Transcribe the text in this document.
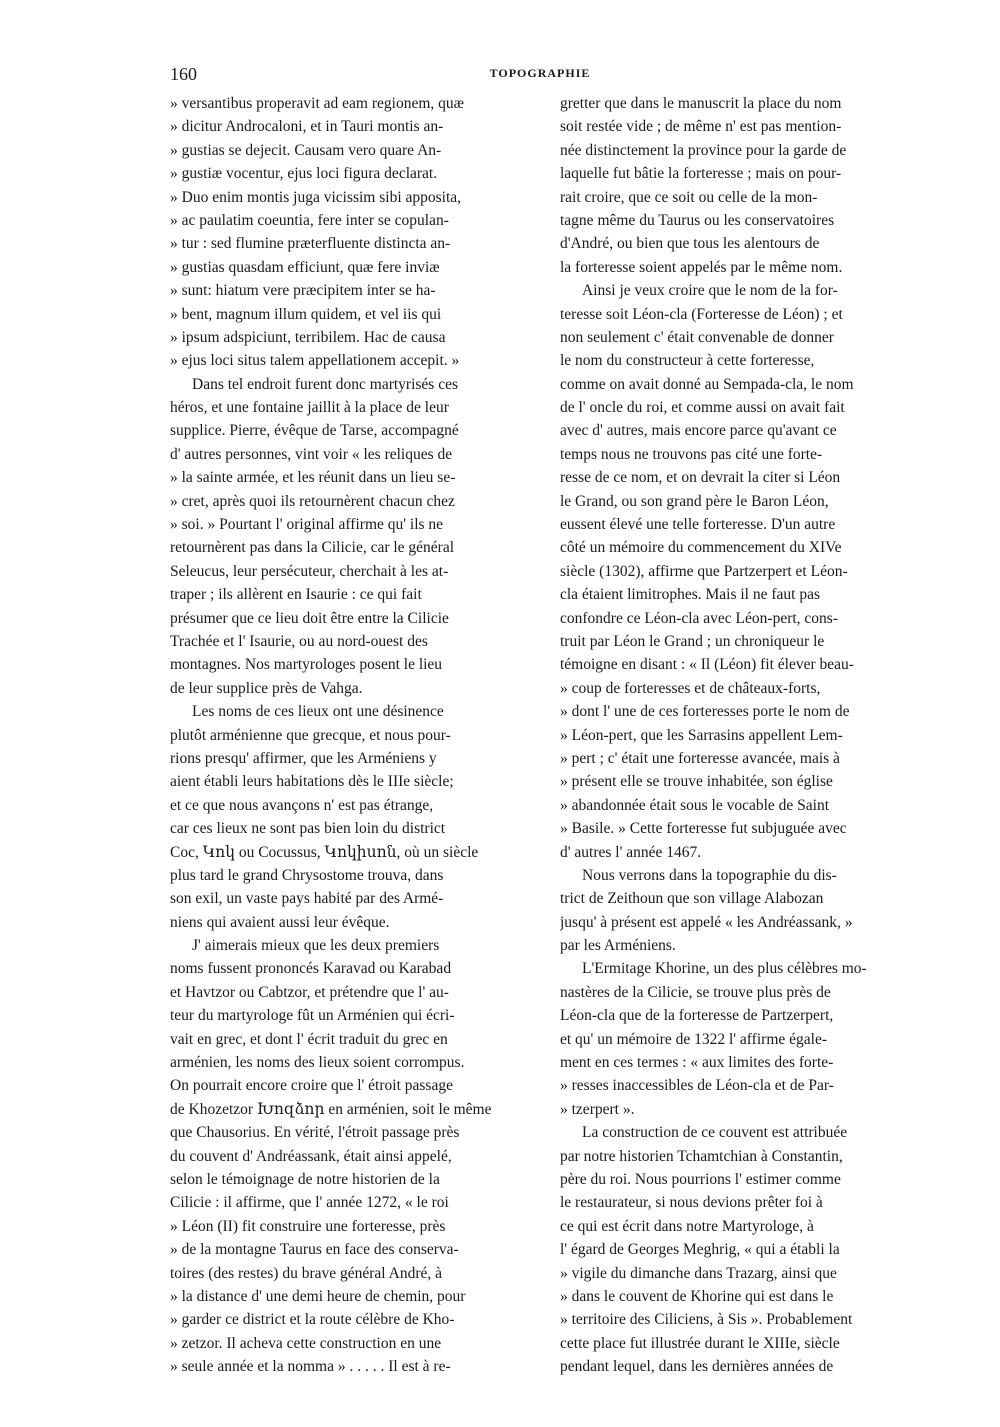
160	TOPOGRAPHIE
» versantibus properavit ad eam regionem, quæ
» dicitur Androcaloni, et in Tauri montis an-
» gustias se dejecit. Causam vero quare An-
» gustiæ vocentur, ejus loci figura declarat.
» Duo enim montis juga vicissim sibi apposita,
» ac paulatim coeuntia, fere inter se copulan-
» tur : sed flumine præterfluente distincta an-
» gustias quasdam efficiunt, quæ fere inviæ
» sunt: hiatum vere præcipitem inter se ha-
» bent, magnum illum quidem, et vel iis qui
» ipsum adspiciunt, terribilem. Hac de causa
» ejus loci situs talem appellationem accepit. »
Dans tel endroit furent donc martyrisés ces
héros, et une fontaine jaillit à la place de leur
supplice. Pierre, évêque de Tarse, accompagné
d' autres personnes, vint voir « les reliques de
» la sainte armée, et les réunit dans un lieu se-
» cret, après quoi ils retournèrent chacun chez
» soi. » Pourtant l' original affirme qu' ils ne
retournèrent pas dans la Cilicie, car le général
Seleucus, leur persécuteur, cherchait à les at-
traper ; ils allèrent en Isaurie : ce qui fait
présumer que ce lieu doit être entre la Cilicie
Trachée et l' Isaurie, ou au nord-ouest des
montagnes. Nos martyrologes posent le lieu
de leur supplice près de Vahga.
Les noms de ces lieux ont une désinence
plutôt arménienne que grecque, et nous pour-
rions presqu' affirmer, que les Arméniens y
aient établi leurs habitations dès le IIIe siècle;
et ce que nous avançons n' est pas étrange,
car ces lieux ne sont pas bien loin du district
Coc, Կոկ ou Cocussus, Կոկիսոն, où un siècle
plus tard le grand Chrysostome trouva, dans
son exil, un vaste pays habité par des Armé-
niens qui avaient aussi leur évêque.
J' aimerais mieux que les deux premiers
noms fussent prononcés Karavad ou Karabad
et Havtzor ou Cabtzor, et prétendre que l' au-
teur du martyrologe fût un Arménien qui écri-
vait en grec, et dont l' écrit traduit du grec en
arménien, les noms des lieux soient corrompus.
On pourrait encore croire que l' étroit passage
de Khozetzor Խոզձոր en arménien, soit le même
que Chausorius. En vérité, l'étroit passage près
du couvent d' Andréassank, était ainsi appelé,
selon le témoignage de notre historien de la
Cilicie : il affirme, que l' année 1272, « le roi
» Léon (II) fit construire une forteresse, près
» de la montagne Taurus en face des conserva-
toires (des restes) du brave général André, à
» la distance d' une demi heure de chemin, pour
» garder ce district et la route célèbre de Kho-
» zetzor. Il acheva cette construction en une
» seule année et la nomma » . . . . . Il est à re-
gretter que dans le manuscrit la place du nom
soit restée vide ; de même n' est pas mention-
née distinctement la province pour la garde de
laquelle fut bâtie la forteresse ; mais on pour-
rait croire, que ce soit ou celle de la mon-
tagne même du Taurus ou les conservatoires
d'André, ou bien que tous les alentours de
la forteresse soient appelés par le même nom.
Ainsi je veux croire que le nom de la for-
teresse soit Léon-cla (Forteresse de Léon) ; et
non seulement c' était convenable de donner
le nom du constructeur à cette forteresse,
comme on avait donné au Sempada-cla, le nom
de l' oncle du roi, et comme aussi on avait fait
avec d' autres, mais encore parce qu'avant ce
temps nous ne trouvons pas cité une forte-
resse de ce nom, et on devrait la citer si Léon
le Grand, ou son grand père le Baron Léon,
eussent élevé une telle forteresse. D'un autre
côté un mémoire du commencement du XIVe
siècle (1302), affirme que Partzerpert et Léon-
cla étaient limitrophes. Mais il ne faut pas
confondre ce Léon-cla avec Léon-pert, cons-
truit par Léon le Grand ; un chroniqueur le
témoigne en disant : « Il (Léon) fit élever beau-
» coup de forteresses et de châteaux-forts,
» dont l' une de ces forteresses porte le nom de
» Léon-pert, que les Sarrasins appellent Lem-
» pert ; c' était une forteresse avancée, mais à
» présent elle se trouve inhabitée, son église
» abandonnée était sous le vocable de Saint
» Basile. » Cette forteresse fut subjuguée avec
d' autres l' année 1467.
Nous verrons dans la topographie du dis-
trict de Zeithoun que son village Alabozan
jusqu' à présent est appelé « les Andréassank, »
par les Arméniens.
L'Ermitage Khorine, un des plus célèbres mo-
nastères de la Cilicie, se trouve plus près de
Léon-cla que de la forteresse de Partzerpert,
et qu' un mémoire de 1322 l' affirme égale-
ment en ces termes : « aux limites des forte-
» resses inaccessibles de Léon-cla et de Par-
» tzerpert ».
La construction de ce couvent est attribuée
par notre historien Tchamtchian à Constantin,
père du roi. Nous pourrions l' estimer comme
le restaurateur, si nous devions prêter foi à
ce qui est écrit dans notre Martyrologe, à
l' égard de Georges Meghrig, « qui a établi la
» vigile du dimanche dans Trazarg, ainsi que
» dans le couvent de Khorine qui est dans le
» territoire des Ciliciens, à Sis ». Probablement
cette place fut illustrée durant le XIIIe, siècle
pendant lequel, dans les dernières années de
